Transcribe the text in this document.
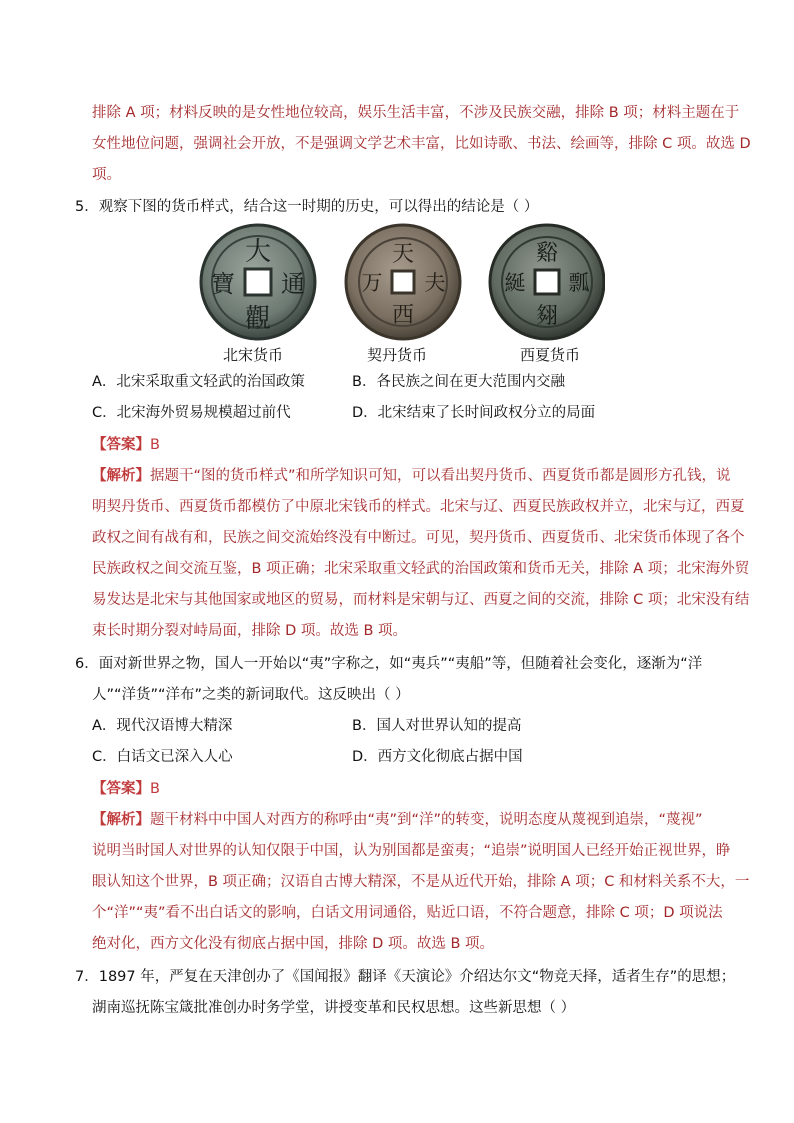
排除 A 项；材料反映的是女性地位较高，娱乐生活丰富，不涉及民族交融，排除 B 项；材料主题在于
女性地位问题，强调社会开放，不是强调文学艺术丰富，比如诗歌、书法、绘画等，排除 C 项。故选 D
项。
5．观察下图的货币样式，结合这一时期的历史，可以得出的结论是（ ）
大
觀
寶 通
天
西
万 夫
谿
翗
綖 瓢
北宋货币	契丹货币	西夏货币
A．北宋采取重文轻武的治国政策	B．各民族之间在更大范围内交融
C．北宋海外贸易规模超过前代	D．北宋结束了长时间政权分立的局面
【答案】B
【解析】据题干“图的货币样式”和所学知识可知，可以看出契丹货币、西夏货币都是圆形方孔钱，说
明契丹货币、西夏货币都模仿了中原北宋钱币的样式。北宋与辽、西夏民族政权并立，北宋与辽，西夏
政权之间有战有和，民族之间交流始终没有中断过。可见，契丹货币、西夏货币、北宋货币体现了各个
民族政权之间交流互鉴，B 项正确；北宋采取重文轻武的治国政策和货币无关，排除 A 项；北宋海外贸
易发达是北宋与其他国家或地区的贸易，而材料是宋朝与辽、西夏之间的交流，排除 C 项；北宋没有结
束长时期分裂对峙局面，排除 D 项。故选 B 项。
6．面对新世界之物，国人一开始以“夷”字称之，如“夷兵”“夷船”等，但随着社会变化，逐渐为“洋
人”“洋货”“洋布”之类的新词取代。这反映出（ ）
A．现代汉语博大精深	B．国人对世界认知的提高
C．白话文已深入人心	D．西方文化彻底占据中国
【答案】B
【解析】题干材料中中国人对西方的称呼由“夷”到“洋”的转变，说明态度从蔑视到追崇，“蔑视”
说明当时国人对世界的认知仅限于中国，认为别国都是蛮夷；“追崇”说明国人已经开始正视世界，睁
眼认知这个世界，B 项正确；汉语自古博大精深，不是从近代开始，排除 A 项；C 和材料关系不大，一
个“洋”“夷”看不出白话文的影响，白话文用词通俗，贴近口语，不符合题意，排除 C 项；D 项说法
绝对化，西方文化没有彻底占据中国，排除 D 项。故选 B 项。
7．1897 年，严复在天津创办了《国闻报》翻译《天演论》介绍达尔文“物竞天择，适者生存”的思想；
湖南巡抚陈宝箴批准创办时务学堂，讲授变革和民权思想。这些新思想（ ）
